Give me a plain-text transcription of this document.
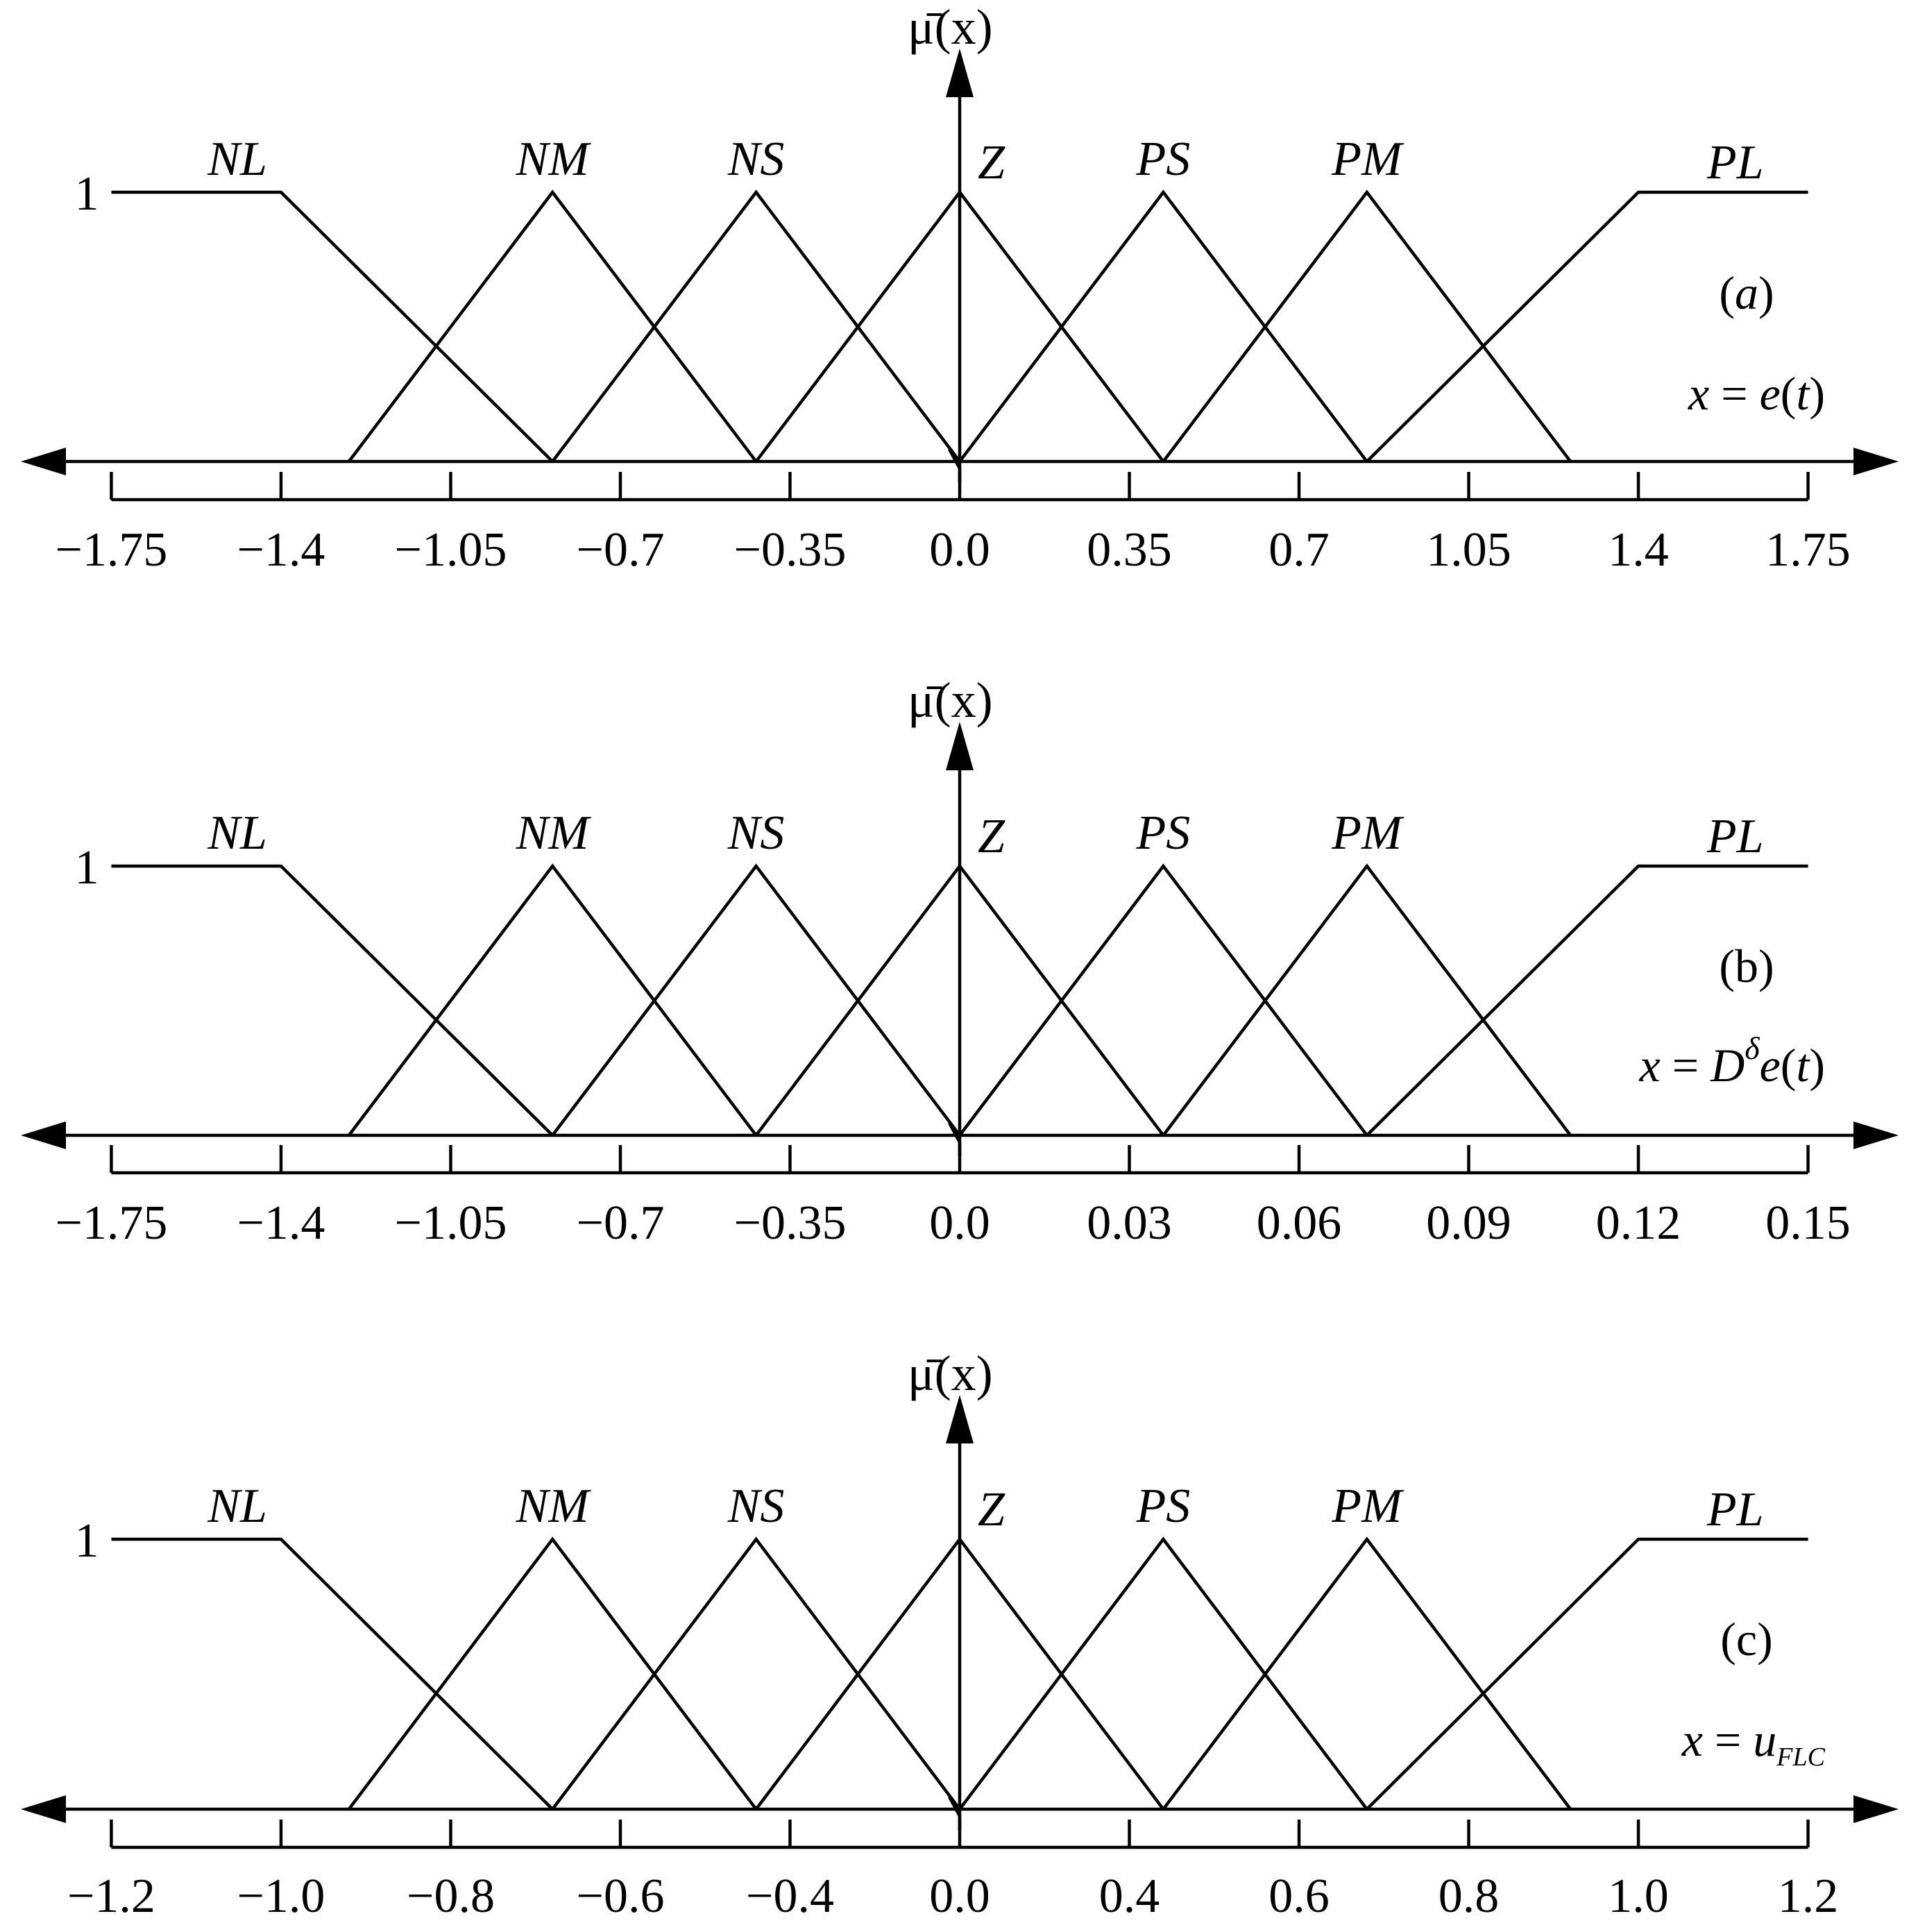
μ̄(x)
1
NL	NM	NS	Z	PS	PM	PL
−1.75 −1.4 −1.05 −0.7 −0.35 0.0 0.35 0.7 1.05 1.4 1.75
(a)
x = e(t)
μ̄(x)
1
NL	NM	NS	Z	PS	PM	PL
−1.75 −1.4 −1.05 −0.7 −0.35 0.0 0.03 0.06 0.09 0.12 0.15
(b)
$x = D^\delta e(t)$
μ̄(x)
1
NL	NM	NS	Z	PS	PM	PL
−1.2 −1.0 −0.8 −0.6 −0.4 0.0 0.4 0.6 0.8 1.0 1.2
(c)
$x = u_{FLC}$
